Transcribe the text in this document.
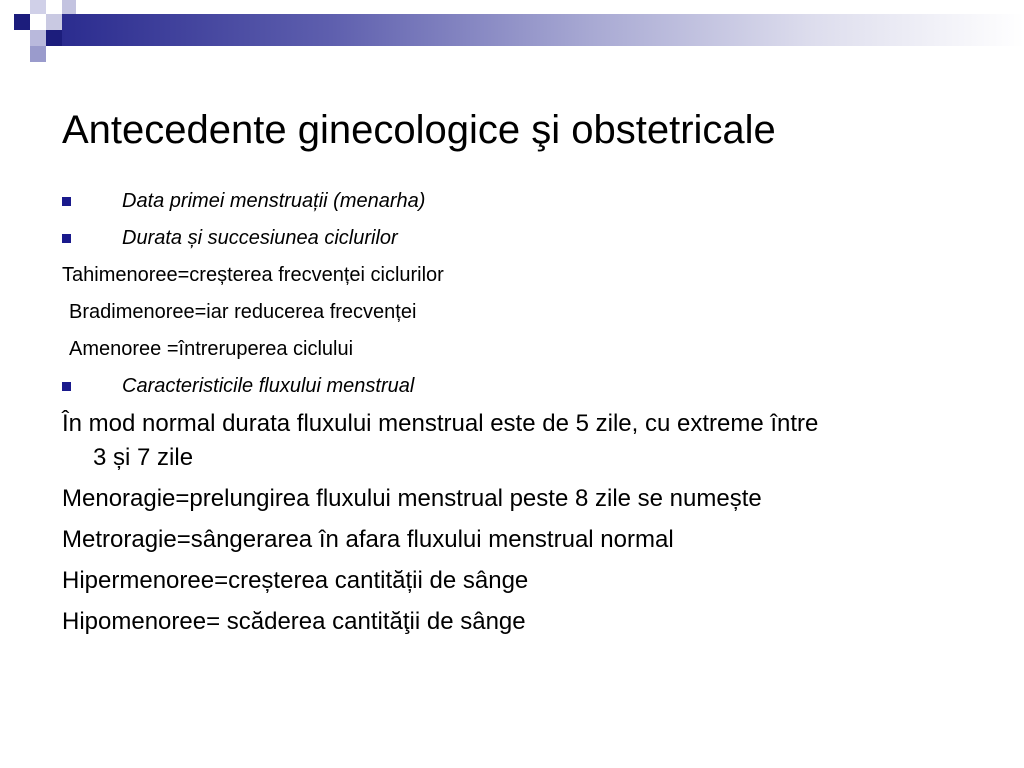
Antecedente ginecologice şi obstetricale
Data primei menstruații (menarha)
Durata și succesiunea ciclurilor
Tahimenoree=creșterea frecvenței ciclurilor
Bradimenoree=iar reducerea frecvenței
Amenoree =întreruperea ciclului
Caracteristicile fluxului menstrual
În mod normal durata fluxului menstrual este de 5 zile, cu extreme între
3 și 7 zile
Menoragie=prelungirea fluxului menstrual peste 8 zile se numește
Metroragie=sângerarea în afara fluxului menstrual normal
Hipermenoree=creșterea cantității de sânge
Hipomenoree= scăderea cantităţii de sânge
